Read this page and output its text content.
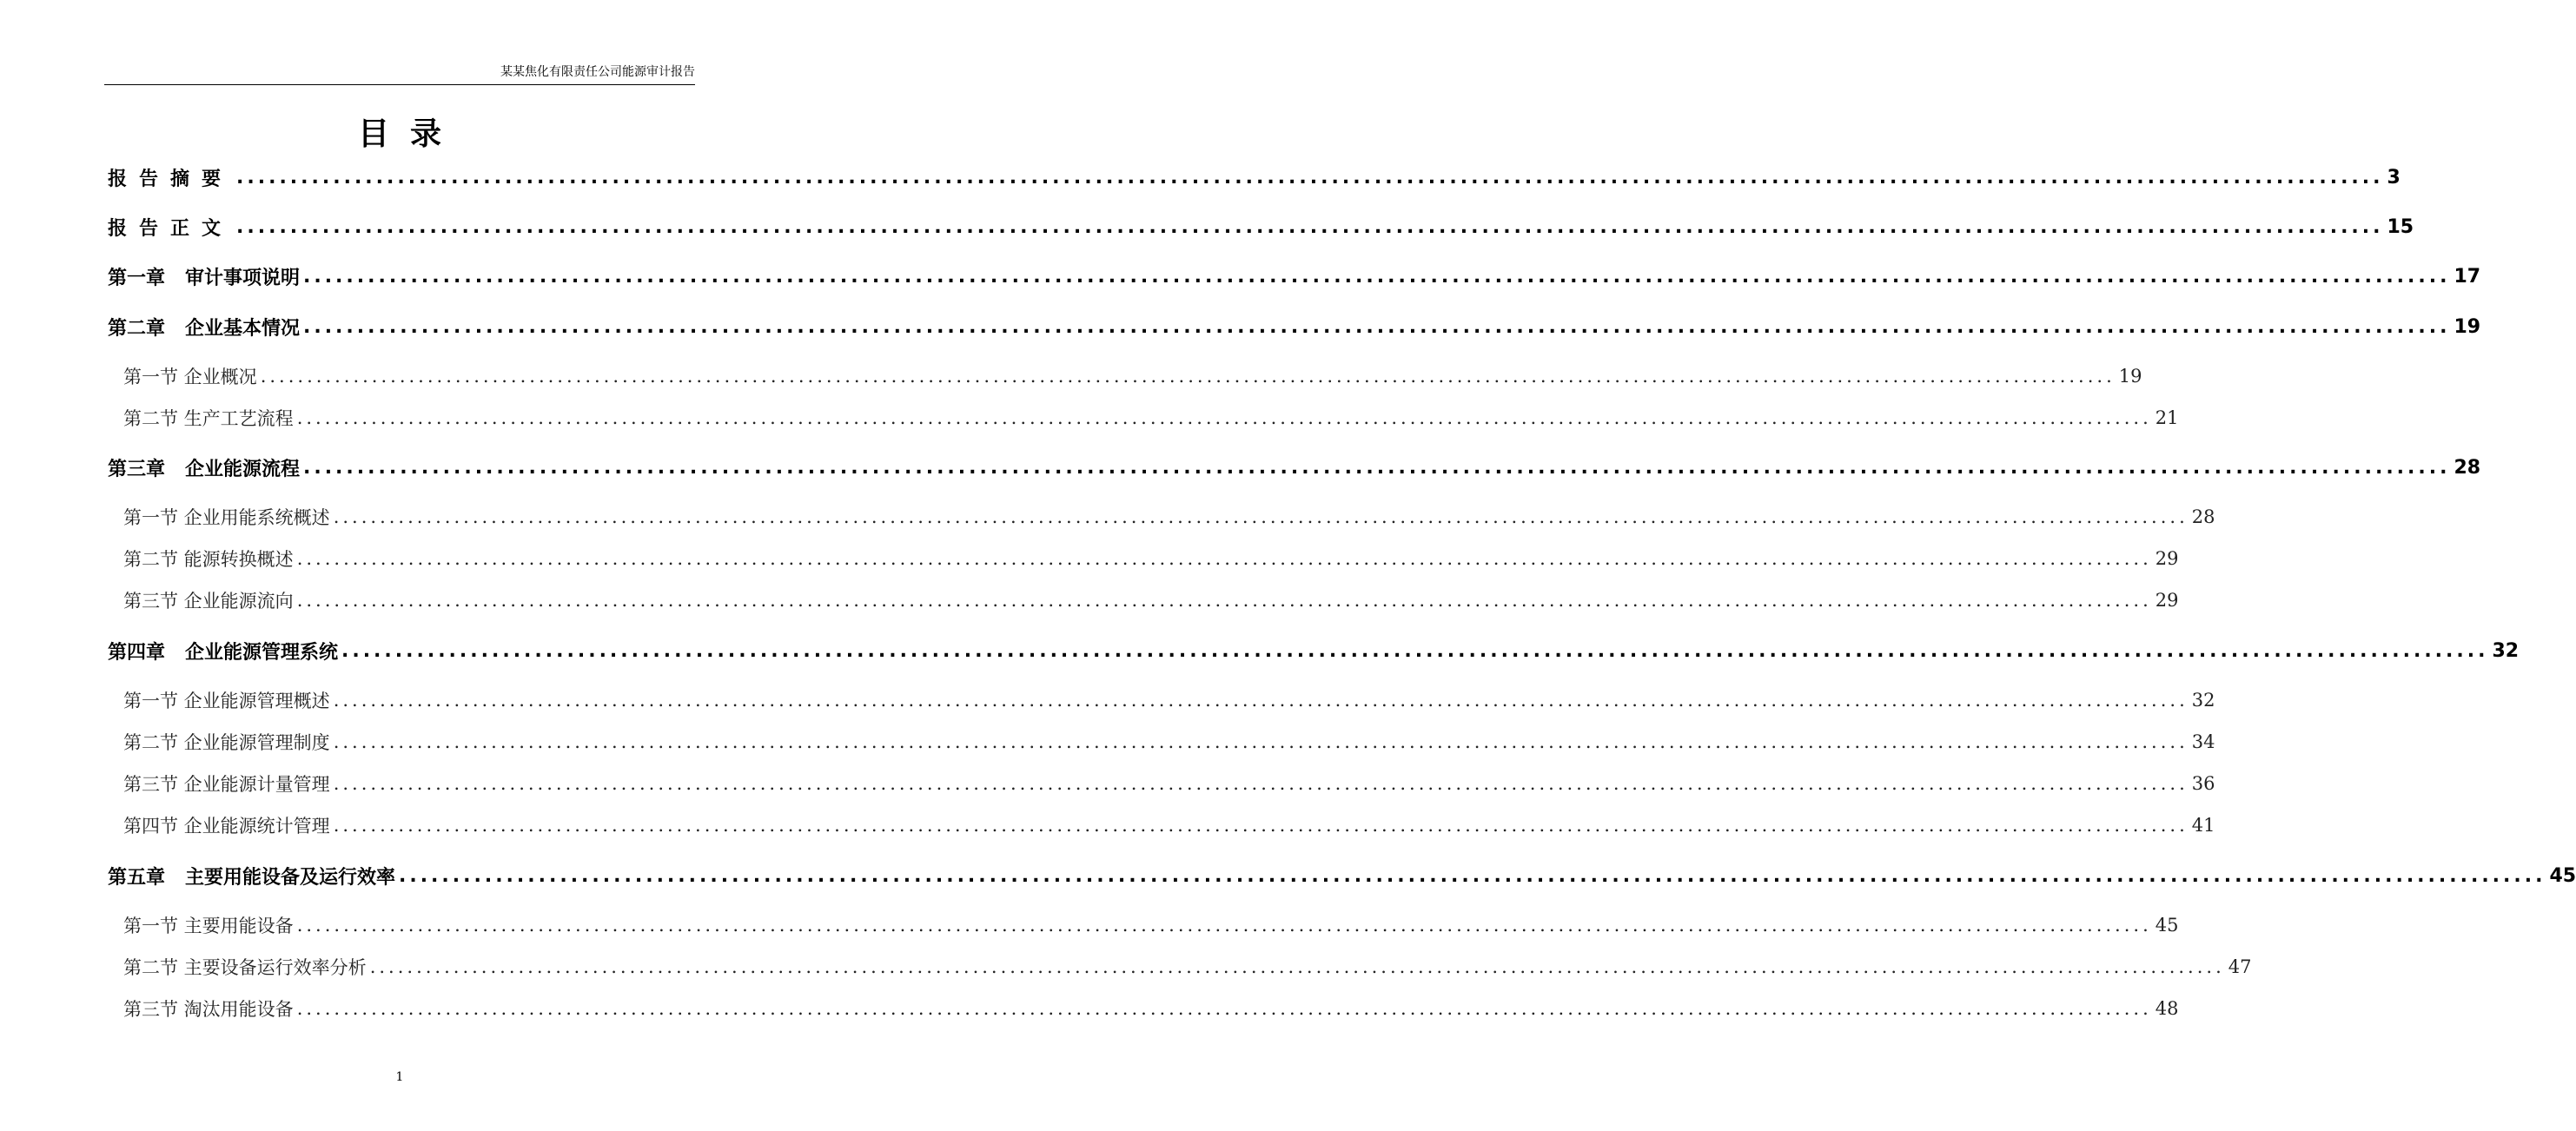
某某焦化有限责任公司能源审计报告
目录
报告摘要 ........................................................................................................................................................................................................ 3
报告正文 ........................................................................................................................................................................................................ 15
第一章   审计事项说明 ........................................................................................................................................................................................................ 17
第二章   企业基本情况 ........................................................................................................................................................................................................ 19
第一节 企业概况 ........................................................................................................................................................................................................ 19
第二节 生产工艺流程 ........................................................................................................................................................................................................ 21
第三章   企业能源流程 ........................................................................................................................................................................................................ 28
第一节 企业用能系统概述 ........................................................................................................................................................................................................ 28
第二节 能源转换概述 ........................................................................................................................................................................................................ 29
第三节 企业能源流向 ........................................................................................................................................................................................................ 29
第四章   企业能源管理系统 ........................................................................................................................................................................................................ 32
第一节 企业能源管理概述 ........................................................................................................................................................................................................ 32
第二节 企业能源管理制度 ........................................................................................................................................................................................................ 34
第三节 企业能源计量管理 ........................................................................................................................................................................................................ 36
第四节 企业能源统计管理 ........................................................................................................................................................................................................ 41
第五章   主要用能设备及运行效率 ........................................................................................................................................................................................................ 45
第一节 主要用能设备 ........................................................................................................................................................................................................ 45
第二节 主要设备运行效率分析 ........................................................................................................................................................................................................ 47
第三节 淘汰用能设备 ........................................................................................................................................................................................................ 48
1
